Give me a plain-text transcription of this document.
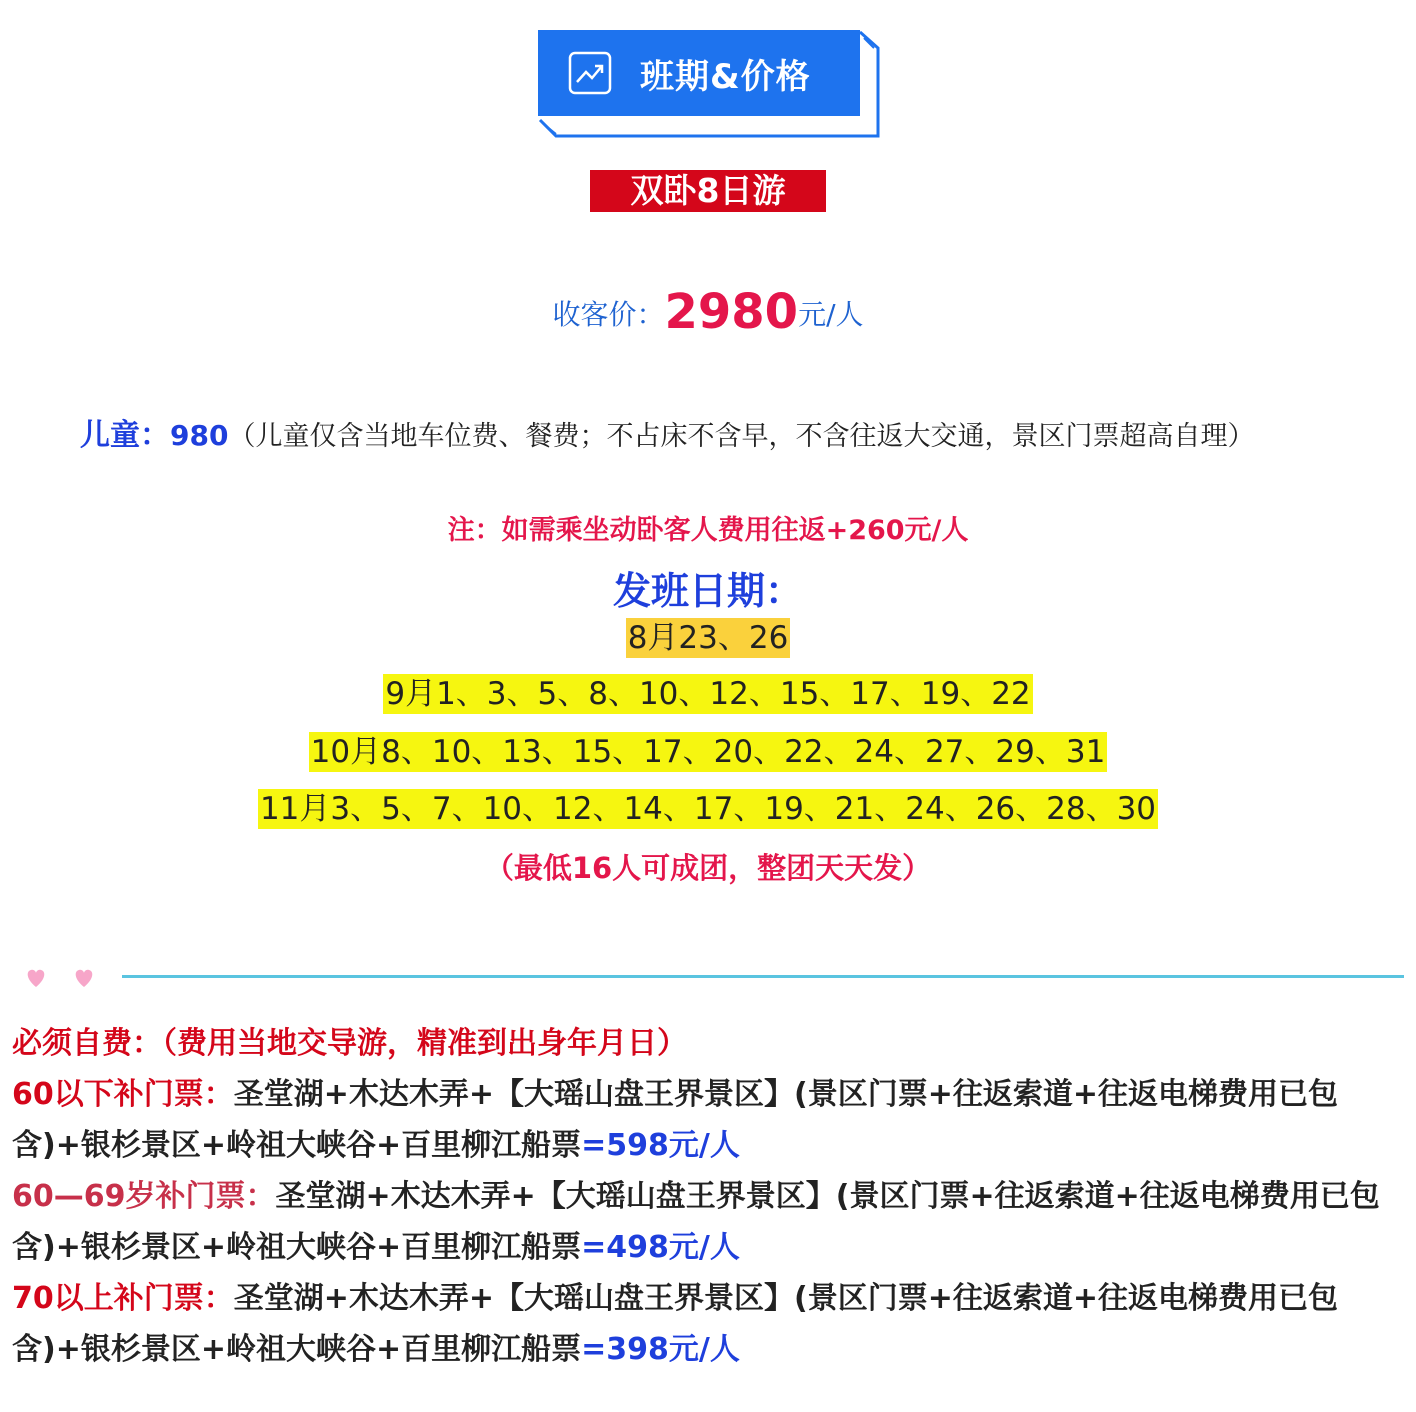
班期&价格
双卧8日游
收客价：2980元/人
儿童：980（儿童仅含当地车位费、餐费；不占床不含早，不含往返大交通，景区门票超高自理）
注：如需乘坐动卧客人费用往返+260元/人
发班日期：
8月23、26
9月1、3、5、8、10、12、15、17、19、22
10月8、10、13、15、17、20、22、24、27、29、31
11月3、5、7、10、12、14、17、19、21、24、26、28、30
（最低16人可成团，整团天天发）

必须自费：（费用当地交导游，精准到出身年月日）

60以下补门票：圣堂湖+木达木弄+【大瑶山盘王界景区】(景区门票+往返索道+往返电梯费用已包含)+银杉景区+岭祖大峡谷+百里柳江船票=598元/人

60—69岁补门票：圣堂湖+木达木弄+【大瑶山盘王界景区】(景区门票+往返索道+往返电梯费用已包含)+银杉景区+岭祖大峡谷+百里柳江船票=498元/人

70以上补门票：圣堂湖+木达木弄+【大瑶山盘王界景区】(景区门票+往返索道+往返电梯费用已包含)+银杉景区+岭祖大峡谷+百里柳江船票=398元/人
